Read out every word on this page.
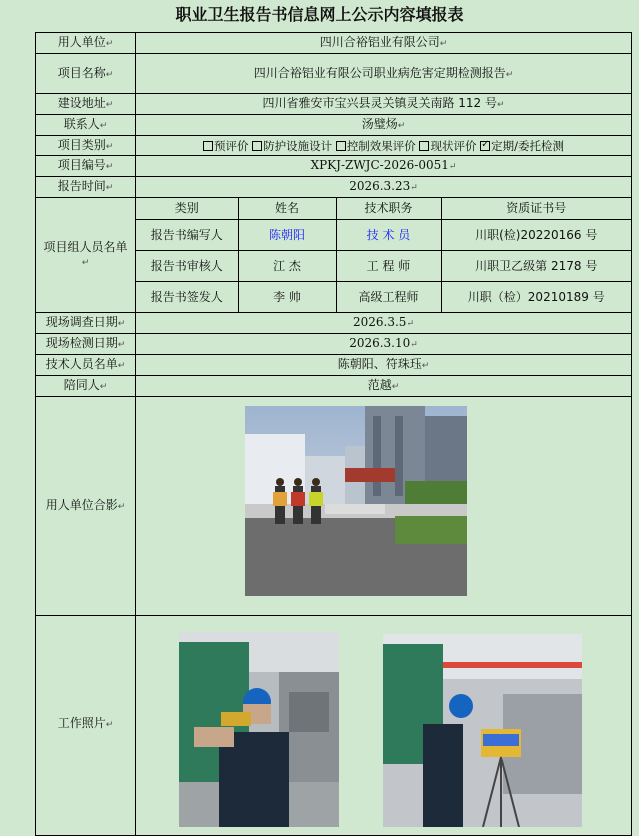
职业卫生报告书信息网上公示内容填报表
用人单位↵	四川合裕铝业有限公司↵
项目名称↵	四川合裕铝业有限公司职业病危害定期检测报告↵
建设地址↵	四川省雅安市宝兴县灵关镇灵关南路 112 号↵
联系人↵	汤璧炀↵
项目类别↵	预评价 防护设施设计 控制效果评价 现状评价 ✓ 定期/委托检测
项目编号↵	XPKJ-ZWJC-2026-0051↵
报告时间↵	2026.3.23↵
项目组人员名单↵	
类别	姓名	技术职务	资质证书号
报告书编写人	陈朝阳	技 术 员	川职(检)20220166 号
报告书审核人	江 杰	工 程 师	川职卫乙级第 2178 号
报告书签发人	李 帅	高级工程师	川职（检）20210189 号

现场调查日期↵	2026.3.5↵
现场检测日期↵	2026.3.10↵
技术人员名单↵	陈朝阳、符珠珏↵
陪同人↵	范越↵
用人单位合影↵	
工作照片↵	
